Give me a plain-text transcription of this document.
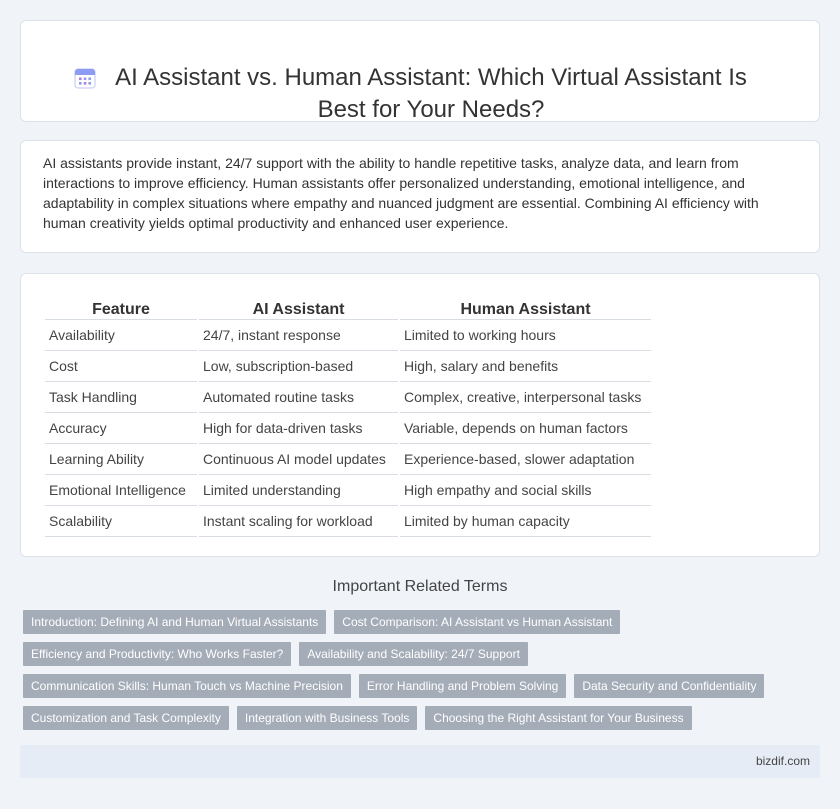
AI Assistant vs. Human Assistant: Which Virtual Assistant Is Best for Your Needs?

AI assistants provide instant, 24/7 support with the ability to handle repetitive tasks, analyze data, and learn from interactions to improve efficiency. Human assistants offer personalized understanding, emotional intelligence, and adaptability in complex situations where empathy and nuanced judgment are essential. Combining AI efficiency with human creativity yields optimal productivity and enhanced user experience.

Feature	AI Assistant	Human Assistant
Availability	24/7, instant response	Limited to working hours
Cost	Low, subscription-based	High, salary and benefits
Task Handling	Automated routine tasks	Complex, creative, interpersonal tasks
Accuracy	High for data-driven tasks	Variable, depends on human factors
Learning Ability	Continuous AI model updates	Experience-based, slower adaptation
Emotional Intelligence	Limited understanding	High empathy and social skills
Scalability	Instant scaling for workload	Limited by human capacity
Important Related Terms
Introduction: Defining AI and Human Virtual Assistants	Cost Comparison: AI Assistant vs Human Assistant
Efficiency and Productivity: Who Works Faster?	Availability and Scalability: 24/7 Support
Communication Skills: Human Touch vs Machine Precision	Error Handling and Problem Solving	Data Security and Confidentiality
Customization and Task Complexity	Integration with Business Tools	Choosing the Right Assistant for Your Business
bizdif.com
